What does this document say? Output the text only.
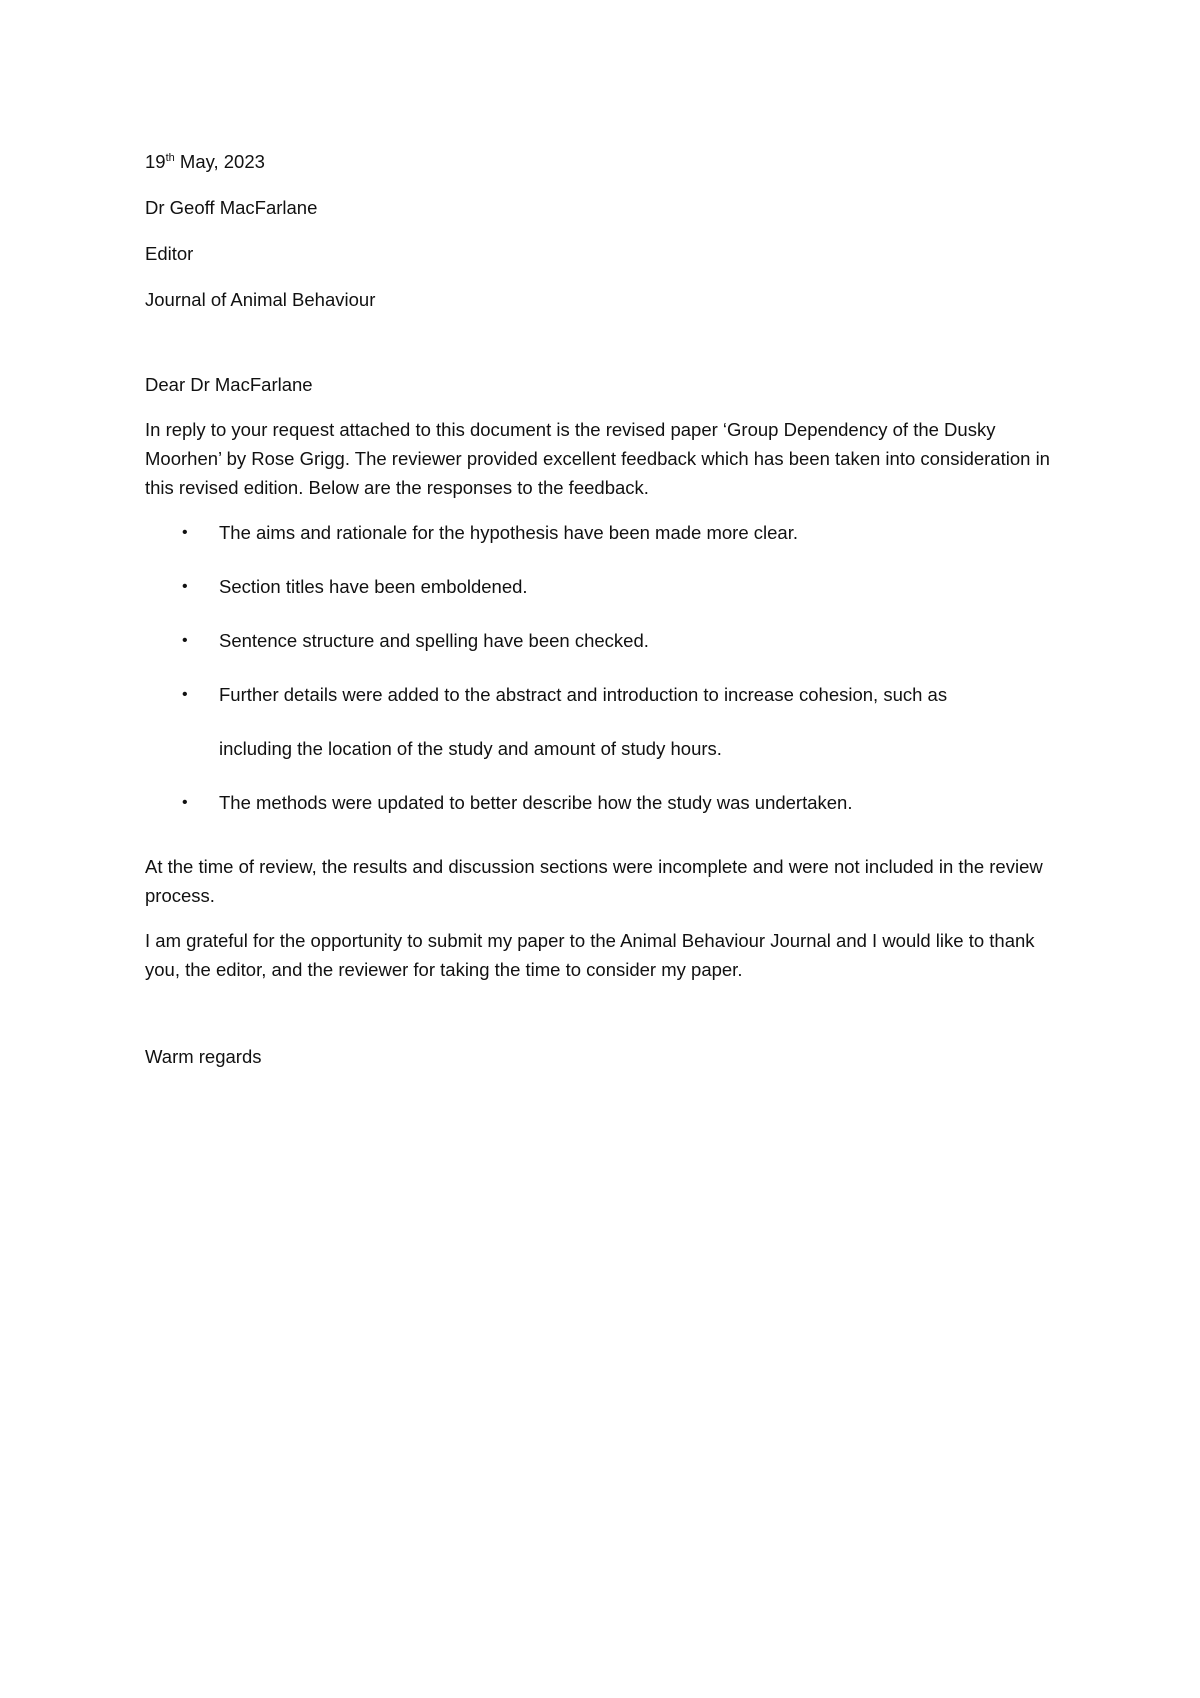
19th May, 2023

Dr Geoff MacFarlane

Editor

Journal of Animal Behaviour

Dear Dr MacFarlane

In reply to your request attached to this document is the revised paper ‘Group Dependency of the Dusky Moorhen’ by Rose Grigg. The reviewer provided excellent feedback which has been taken into consideration in this revised edition. Below are the responses to the feedback.

• The aims and rationale for the hypothesis have been made more clear.
• Section titles have been emboldened.
• Sentence structure and spelling have been checked.
• Further details were added to the abstract and introduction to increase cohesion, such as
including the location of the study and amount of study hours.
• The methods were updated to better describe how the study was undertaken.

At the time of review, the results and discussion sections were incomplete and were not included in the review process.

I am grateful for the opportunity to submit my paper to the Animal Behaviour Journal and I would like to thank you, the editor, and the reviewer for taking the time to consider my paper.

Warm regards
